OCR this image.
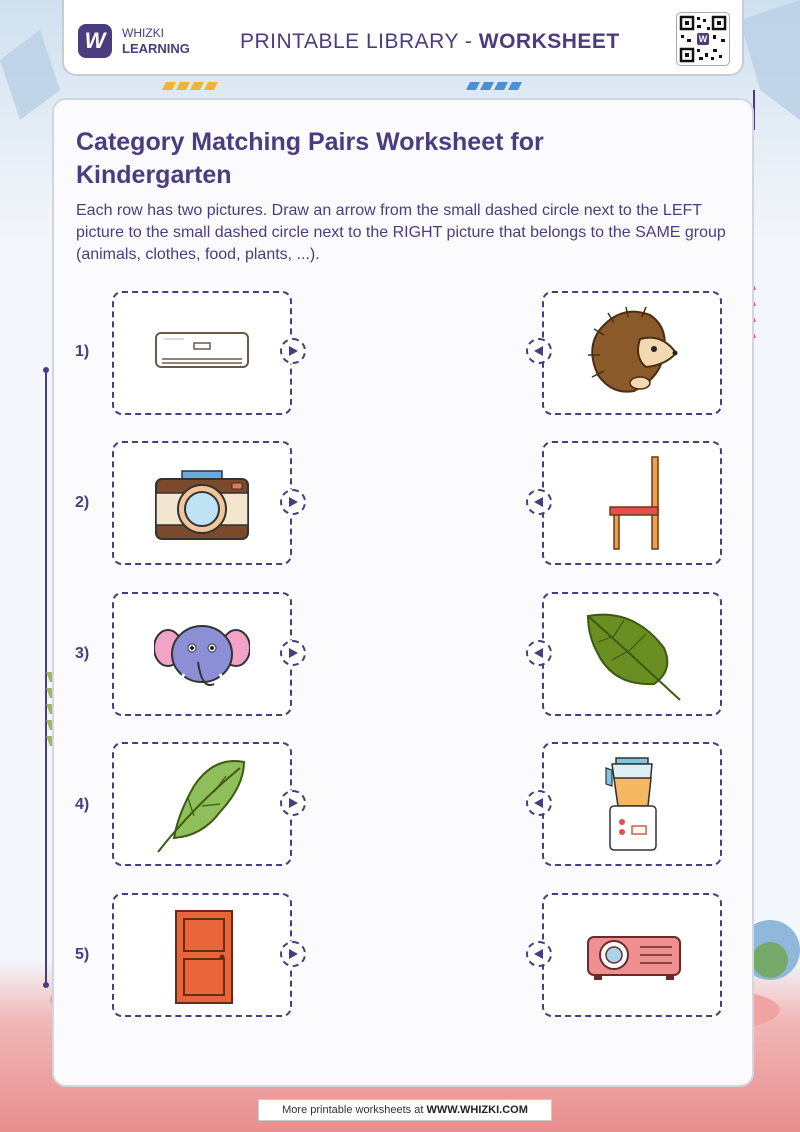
W	WHIZKI
LEARNING PRINTABLE LIBRARY - WORKSHEET	W
Category Matching Pairs Worksheet for Kindergarten

Each row has two pictures. Draw an arrow from the small dashed circle next to the LEFT picture to the small dashed circle next to the RIGHT picture that belongs to the SAME group (animals, clothes, food, plants, ...).

1)
2)
3)
4)
5)
More printable worksheets at WWW.WHIZKI.COM
